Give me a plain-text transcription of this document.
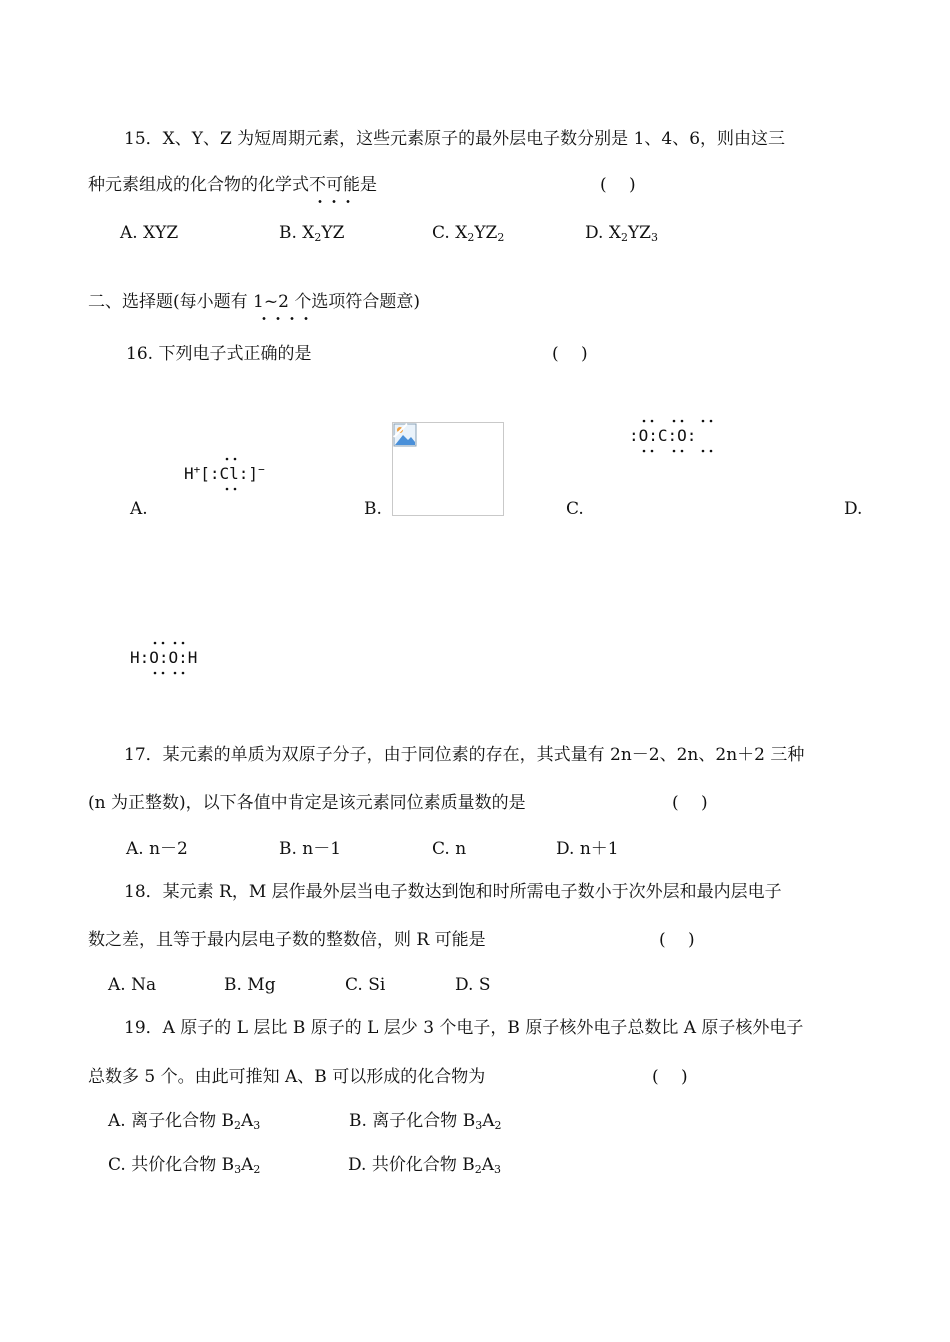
15．X、Y、Z 为短周期元素，这些元素原子的最外层电子数分别是 1、4、6，则由这三
种元素组成的化合物的化学式不可能是	(　 )
A. XYZ	B. $X_2YZ$	C. $X_2YZ_2$	D. $X_2YZ_3$
二、选择题(每小题有 1~2 个选项符合题意)
16. 下列电子式正确的是	(　 )
H+[:Cl:]−
:O:C:O:
A.	B.	C.	D.
H:O:O:H
17．某元素的单质为双原子分子，由于同位素的存在，其式量有 2n－2、2n、2n＋2 三种
(n 为正整数)，以下各值中肯定是该元素同位素质量数的是	(　 )
A. n－2	B. n－1	C. n	D. n＋1
18．某元素 R，M 层作最外层当电子数达到饱和时所需电子数小于次外层和最内层电子
数之差，且等于最内层电子数的整数倍，则 R 可能是	(　 )
A. Na	B. Mg	C. Si	D. S
19．A 原子的 L 层比 B 原子的 L 层少 3 个电子，B 原子核外电子总数比 A 原子核外电子
总数多 5 个。由此可推知 A、B 可以形成的化合物为	(　 )
A. 离子化合物 $B_2A_3$	B. 离子化合物 $B_3A_2$
C. 共价化合物 $B_3A_2$	D. 共价化合物 $B_2A_3$
